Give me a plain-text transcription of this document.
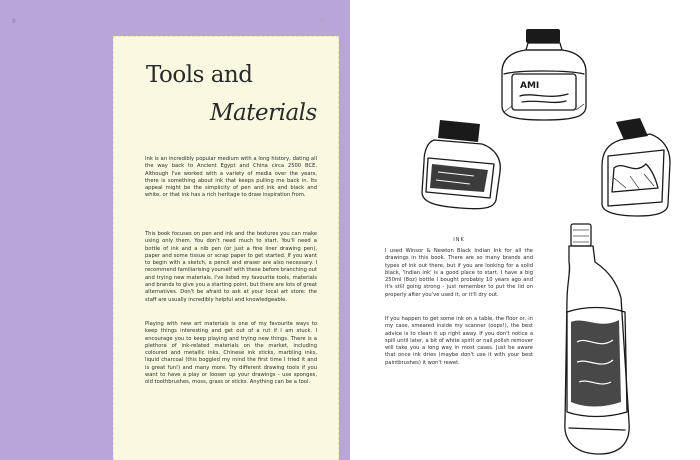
8	9
Tools and
Materials

Ink is an incredibly popular medium with a long history, dating all the way back to Ancient Egypt and China circa 2500 BCE. Although I've worked with a variety of media over the years, there is something about ink that keeps pulling me back in. Its appeal might be the simplicity of pen and ink and black and white, or that ink has a rich heritage to draw inspiration from.

This book focuses on pen and ink and the textures you can make using only them. You don't need much to start. You'll need a bottle of ink and a nib pen (or just a fine liner drawing pen), paper and some tissue or scrap paper to get started. If you want to begin with a sketch, a pencil and eraser are also necessary. I recommend familiarising yourself with these before branching out and trying new materials. I've listed my favourite tools, materials and brands to give you a starting point, but there are lots of great alternatives. Don't be afraid to ask at your local art store: the staff are usually incredibly helpful and knowledgeable.

Playing with new art materials is one of my favourite ways to keep things interesting and get out of a rut if I am stuck. I encourage you to keep playing and trying new things. There is a plethora of ink-related materials on the market, including coloured and metallic inks, Chinese ink sticks, marbling inks, liquid charcoal (this boggled my mind the first time I tried it and is great fun!) and many more. Try different drawing tools if you want to have a play or loosen up your drawings - use sponges, old toothbrushes, moss, grass or sticks. Anything can be a tool.

AMI
INK

I used Winsor & Newton Black Indian Ink for all the drawings in this book. There are so many brands and types of ink out there, but if you are looking for a solid black, 'Indian ink' is a good place to start. I have a big 250ml (8oz) bottle I bought probably 10 years ago and it's still going strong - just remember to put the lid on properly after you've used it, or it'll dry out.

If you happen to get some ink on a table, the floor or, in my case, smeared inside my scanner (oops!), the best advice is to clean it up right away. If you don't notice a spill until later, a bit of white spirit or nail polish remover will take you a long way in most cases. Just be aware that once ink dries (maybe don't use it with your best paintbrushes) it won't rewet.
